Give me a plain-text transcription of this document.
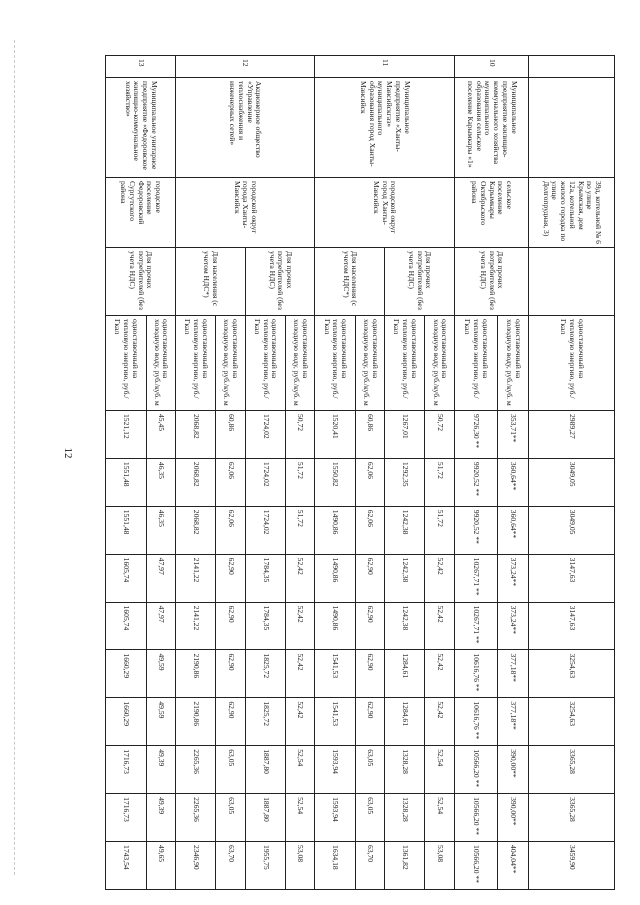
12
		39д, котельной № 6 по улице Крымская, дом 12а, котельной жилого городка по улице Долгопрудная, 3)		одноставочный на тепловую энергию, руб./Гкал	2989,27	3049,05	3049,05	3147,63	3147,63	3254,63	3254,63	3365,28	3365,28	3459,90
10	Муниципальное предприятие жилищно-коммунального хозяйства муниципального образования сельское поселение Карымкары «1»	сельское поселение Карымкары Октябрьского района	Для прочих потребителей (без учета НДС)	одноставочный на холодную воду, руб./куб. м	353,71**	360,64**	360,64**	373,24**	373,24**	377,18**	377,18**	390,00**	390,00**	404,04**
				одноставочный на тепловую энергию, руб./Гкал	9726,30 **	9920,52 **	9920,52 **	10267,71 **	10267,71 **	10616,76 **	10616,76 **	10566,20 **	10566,20 **	10566,20 **
11	Муниципальное предприятие «Ханты-Мансийскгаз» муниципального образования город Ханты-Мансийск	городской округ город Ханты-Мансийск	Для прочих потребителей (без учета НДС)	одноставочный на холодную воду, руб./куб. м	50,72	51,72	51,72	52,42	52,42	52,42	52,42	52,54	52,54	53,08
				одноставочный на тепловую энергию, руб./Гкал	1267,01	1292,35	1242,38	1242,38	1242,38	1284,61	1284,61	1328,28	1328,28	1361,82
			Для населения (с учетом НДС*)	одноставочный на холодную воду, руб./куб. м	60,86	62,06	62,06	62,90	62,90	62,90	62,90	63,05	63,05	63,70
				одноставочный на тепловую энергию, руб./Гкал	1520,41	1550,82	1490,86	1490,86	1490,86	1541,53	1541,53	1593,94	1593,94	1634,18
12	Акционерное общество «Управление теплоснабжения и инженерных сетей»	городской округ города Ханты-Мансийск	Для прочих потребителей (без учета НДС)	одноставочный на холодную воду, руб./куб. м	50,72	51,72	51,72	52,42	52,42	52,42	52,42	52,54	52,54	53,08
				одноставочный на тепловую энергию, руб./Гкал	1724,02	1724,02	1724,02	1784,35	1784,35	1825,72	1825,72	1887,80	1887,80	1955,75
			Для населения (с учетом НДС*)	одноставочный на холодную воду, руб./куб. м	60,86	62,06	62,06	62,90	62,90	62,90	62,90	63,05	63,05	63,70
				одноставочный на тепловую энергию, руб./Гкал	2068,82	2068,82	2068,82	2141,22	2141,22	2190,86	2190,86	2265,36	2265,36	2346,90
13	Муниципальное унитарное предприятие «Федоровское жилищно-коммунальное хозяйство»	городское поселение Федоровский Сургутского района	Для прочих потребителей (без учета НДС)	одноставочный на холодную воду, руб./куб. м	45,45	46,35	46,35	47,97	47,97	49,59	49,59	49,39	49,39	49,65
				одноставочный на тепловую энергию, руб./Гкал	1521,12	1551,48	1551,48	1605,74	1605,74	1660,29	1660,29	1716,73	1716,73	1743,54
